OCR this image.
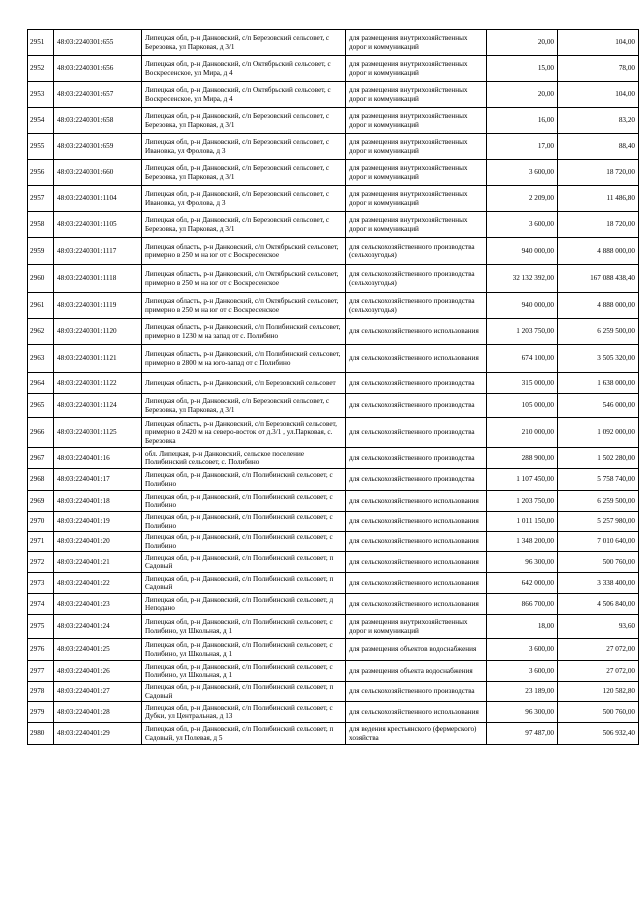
2951	48:03:2240301:655	Липецкая обл, р-н Данковский, с/п Березовский сельсовет, с Березовка, ул Парковая, д 3/1	для размещения внутрихозяйственных дорог и коммуникаций	20,00	104,00
2952	48:03:2240301:656	Липецкая обл, р-н Данковский, с/п Октябрьский сельсовет, с Воскресенское, ул Мира, д 4	для размещения внутрихозяйственных дорог и коммуникаций	15,00	78,00
2953	48:03:2240301:657	Липецкая обл, р-н Данковский, с/п Октябрьский сельсовет, с Воскресенское, ул Мира, д 4	для размещения внутрихозяйственных дорог и коммуникаций	20,00	104,00
2954	48:03:2240301:658	Липецкая обл, р-н Данковский, с/п Березовский сельсовет, с Березовка, ул Парковая, д 3/1	для размещения внутрихозяйственных дорог и коммуникаций	16,00	83,20
2955	48:03:2240301:659	Липецкая обл, р-н Данковский, с/п Березовский сельсовет, с Ивановка, ул Фролова, д 3	для размещения внутрихозяйственных дорог и коммуникаций	17,00	88,40
2956	48:03:2240301:660	Липецкая обл, р-н Данковский, с/п Березовский сельсовет, с Березовка, ул Парковая, д 3/1	для размещения внутрихозяйственных дорог и коммуникаций	3 600,00	18 720,00
2957	48:03:2240301:1104	Липецкая обл, р-н Данковский, с/п Березовский сельсовет, с Ивановка, ул Фролова, д 3	для размещения внутрихозяйственных дорог и коммуникаций	2 209,00	11 486,80
2958	48:03:2240301:1105	Липецкая обл, р-н Данковский, с/п Березовский сельсовет, с Березовка, ул Парковая, д 3/1	для размещения внутрихозяйственных дорог и коммуникаций	3 600,00	18 720,00
2959	48:03:2240301:1117	Липецкая область, р-н Данковский, с/п Октябрьский сельсовет, примерно в 250 м на юг от с Воскресенское	для сельскохозяйственного производства (сельхозугодья)	940 000,00	4 888 000,00
2960	48:03:2240301:1118	Липецкая область, р-н Данковский, с/п Октябрьский сельсовет, примерно в 250 м на юг от с Воскресенское	для сельскохозяйственного производства (сельхозугодья)	32 132 392,00	167 088 438,40
2961	48:03:2240301:1119	Липецкая область, р-н Данковский, с/п Октябрьский сельсовет, примерно в 250 м на юг от с Воскресенское	для сельскохозяйственного производства (сельхозугодья)	940 000,00	4 888 000,00
2962	48:03:2240301:1120	Липецкая область, р-н Данковский, с/п Полибинский сельсовет, примерно в 1230 м на запад от с. Полибино	для сельскохозяйственного использования	1 203 750,00	6 259 500,00
2963	48:03:2240301:1121	Липецкая область, р-н Данковский, с/п Полибинский сельсовет, примерно в 2800 м на юго-запад от с Полибино	для сельскохозяйственного использования	674 100,00	3 505 320,00
2964	48:03:2240301:1122	Липецкая область, р-н Данковский, с/п Березовский сельсовет	для сельскохозяйственного производства	315 000,00	1 638 000,00
2965	48:03:2240301:1124	Липецкая обл, р-н Данковский, с/п Березовский сельсовет, с Березовка, ул Парковая, д 3/1	для сельскохозяйственного производства	105 000,00	546 000,00
2966	48:03:2240301:1125	Липецкая область, р-н Данковский, с/п Березовский сельсовет, примерно в 2420 м на северо-восток от д.3/1 , ул.Парковая, с. Березовка	для сельскохозяйственного производства	210 000,00	1 092 000,00
2967	48:03:2240401:16	обл. Липецкая, р-н Данковский, сельское поселение Полибинский сельсовет, с. Полибино	для сельскохозяйственного производства	288 900,00	1 502 280,00
2968	48:03:2240401:17	Липецкая обл, р-н Данковский, с/п Полибинский сельсовет, с Полибино	для сельскохозяйственного производства	1 107 450,00	5 758 740,00
2969	48:03:2240401:18	Липецкая обл, р-н Данковский, с/п Полибинский сельсовет, с Полибино	для сельскохозяйственного использования	1 203 750,00	6 259 500,00
2970	48:03:2240401:19	Липецкая обл, р-н Данковский, с/п Полибинский сельсовет, с Полибино	для сельскохозяйственного использования	1 011 150,00	5 257 980,00
2971	48:03:2240401:20	Липецкая обл, р-н Данковский, с/п Полибинский сельсовет, с Полибино	для сельскохозяйственного использования	1 348 200,00	7 010 640,00
2972	48:03:2240401:21	Липецкая обл, р-н Данковский, с/п Полибинский сельсовет, п Садовый	для сельскохозяйственного использования	96 300,00	500 760,00
2973	48:03:2240401:22	Липецкая обл, р-н Данковский, с/п Полибинский сельсовет, п Садовый	для сельскохозяйственного использования	642 000,00	3 338 400,00
2974	48:03:2240401:23	Липецкая обл, р-н Данковский, с/п Полибинский сельсовет, д Неподано	для сельскохозяйственного использования	866 700,00	4 506 840,00
2975	48:03:2240401:24	Липецкая обл, р-н Данковский, с/п Полибинский сельсовет, с Полибино, ул Школьная, д 1	для размещения внутрихозяйственных дорог и коммуникаций	18,00	93,60
2976	48:03:2240401:25	Липецкая обл, р-н Данковский, с/п Полибинский сельсовет, с Полибино, ул Школьная, д 1	для размещения объектов водоснабжения	3 600,00	27 072,00
2977	48:03:2240401:26	Липецкая обл, р-н Данковский, с/п Полибинский сельсовет, с Полибино, ул Школьная, д 1	для размещения объекта водоснабжения	3 600,00	27 072,00
2978	48:03:2240401:27	Липецкая обл, р-н Данковский, с/п Полибинский сельсовет, п Садовый	для сельскохозяйственного производства	23 189,00	120 582,80
2979	48:03:2240401:28	Липецкая обл, р-н Данковский, с/п Полибинский сельсовет, с Дубки, ул Центральная, д 13	для сельскохозяйственного использования	96 300,00	500 760,00
2980	48:03:2240401:29	Липецкая обл, р-н Данковский, с/п Полибинский сельсовет, п Садовый, ул Полевая, д 5	для ведения крестьянского (фермерского) хозяйства	97 487,00	506 932,40
